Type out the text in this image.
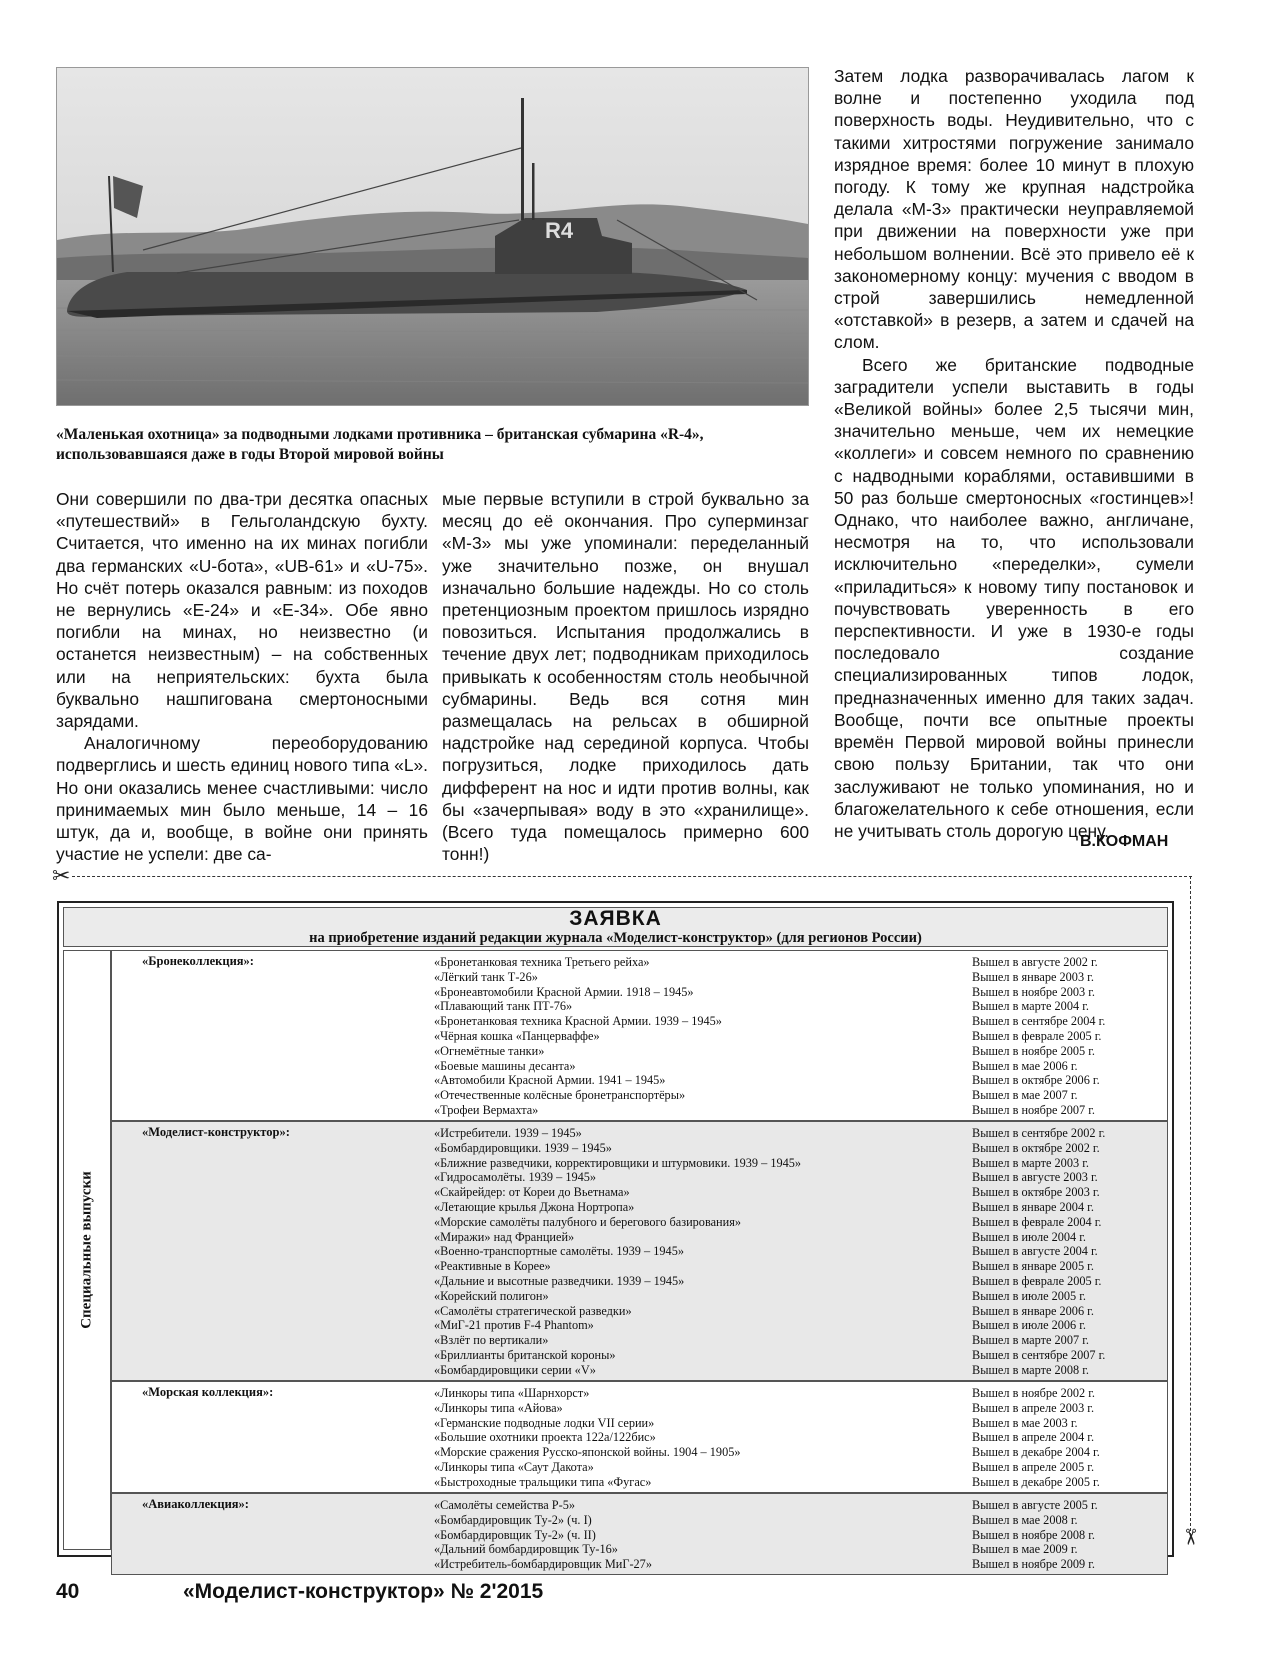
R4
«Маленькая охотница» за подводными лодками противника – британская субмарина «R-4», использовавшаяся даже в годы Второй мировой войны

Они совершили по два-три десятка опасных «путешествий» в Гельголандскую бухту. Считается, что именно на их минах погибли два германских «U-бота», «UB-61» и «U-75». Но счёт потерь оказался равным: из походов не вернулись «Е-24» и «Е-34». Обе явно погибли на минах, но неизвестно (и останется неизвестным) – на собственных или на неприятельских: бухта была буквально нашпигована смертоносными зарядами.

Аналогичному переоборудованию подверглись и шесть единиц нового типа «L». Но они оказались менее счастливыми: число принимаемых мин было меньше, 14 – 16 штук, да и, вообще, в войне они принять участие не успели: две са-

мые первые вступили в строй буквально за месяц до её окончания. Про суперминзаг «М-3» мы уже упоминали: переделанный уже значительно позже, он внушал изначально большие надежды. Но со столь претенциозным проектом пришлось изрядно повозиться. Испытания продолжались в течение двух лет; подводникам приходилось привыкать к особенностям столь необычной субмарины. Ведь вся сотня мин размещалась на рельсах в обширной надстройке над серединой корпуса. Чтобы погрузиться, лодке приходилось дать дифферент на нос и идти против волны, как бы «зачерпывая» воду в это «хранилище». (Всего туда помещалось примерно 600 тонн!)

Затем лодка разворачивалась лагом к волне и постепенно уходила под поверхность воды. Неудивительно, что с такими хитростями погружение занимало изрядное время: более 10 минут в плохую погоду. К тому же крупная надстройка делала «М-3» практически неуправляемой при движении на поверхности уже при небольшом волнении. Всё это привело её к закономерному концу: мучения с вводом в строй завершились немедленной «отставкой» в резерв, а затем и сдачей на слом.

Всего же британские подводные заградители успели выставить в годы «Великой войны» более 2,5 тысячи мин, значительно меньше, чем их немецкие «коллеги» и совсем немного по сравнению с надводными кораблями, оставившими в 50 раз больше смертоносных «гостинцев»! Однако, что наиболее важно, англичане, несмотря на то, что использовали исключительно «переделки», сумели «приладиться» к новому типу постановок и почувствовать уверенность в его перспективности. И уже в 1930-е годы последовало создание специализированных типов лодок, предназначенных именно для таких задач. Вообще, почти все опытные проекты времён Первой мировой войны принесли свою пользу Британии, так что они заслуживают не только упоминания, но и благожелательного к себе отношения, если не учитывать столь дорогую цену.

В.КОФМАН
✂
✂
ЗАЯВКА
на приобретение изданий редакции журнала «Моделист-конструктор» (для регионов России)
Специальные выпуски
«Бронеколлекция»:	«Бронетанковая техника Третьего рейха»	Вышел в августе 2002 г.
«Лёгкий танк Т-26»	Вышел в январе 2003 г.
«Бронеавтомобили Красной Армии. 1918 – 1945»	Вышел в ноябре 2003 г.
«Плавающий танк ПТ-76»	Вышел в марте 2004 г.
«Бронетанковая техника Красной Армии. 1939 – 1945»	Вышел в сентябре 2004 г.
«Чёрная кошка «Панцерваффе»	Вышел в феврале 2005 г.
«Огнемётные танки»	Вышел в ноябре 2005 г.
«Боевые машины десанта»	Вышел в мае 2006 г.
«Автомобили Красной Армии. 1941 – 1945»	Вышел в октябре 2006 г.
«Отечественные колёсные бронетранспортёры»	Вышел в мае 2007 г.
«Трофеи Вермахта»	Вышел в ноябре 2007 г.
«Моделист-конструктор»:	«Истребители. 1939 – 1945»	Вышел в сентябре 2002 г.
«Бомбардировщики. 1939 – 1945»	Вышел в октябре 2002 г.
«Ближние разведчики, корректировщики и штурмовики. 1939 – 1945»	Вышел в марте 2003 г.
«Гидросамолёты. 1939 – 1945»	Вышел в августе 2003 г.
«Скайрейдер: от Кореи до Вьетнама»	Вышел в октябре 2003 г.
«Летающие крылья Джона Нортропа»	Вышел в январе 2004 г.
«Морские самолёты палубного и берегового базирования»	Вышел в феврале 2004 г.
«Миражи» над Францией»	Вышел в июле 2004 г.
«Военно-транспортные самолёты. 1939 – 1945»	Вышел в августе 2004 г.
«Реактивные в Корее»	Вышел в январе 2005 г.
«Дальние и высотные разведчики. 1939 – 1945»	Вышел в феврале 2005 г.
«Корейский полигон»	Вышел в июле 2005 г.
«Самолёты стратегической разведки»	Вышел в январе 2006 г.
«МиГ-21 против F-4 Phantom»	Вышел в июле 2006 г.
«Взлёт по вертикали»	Вышел в марте 2007 г.
«Бриллианты британской короны»	Вышел в сентябре 2007 г.
«Бомбардировщики серии «V»	Вышел в марте 2008 г.
«Морская коллекция»:	«Линкоры типа «Шарнхорст»	Вышел в ноябре 2002 г.
«Линкоры типа «Айова»	Вышел в апреле 2003 г.
«Германские подводные лодки VII серии»	Вышел в мае 2003 г.
«Большие охотники проекта 122а/122бис»	Вышел в апреле 2004 г.
«Морские сражения Русско-японской войны. 1904 – 1905»	Вышел в декабре 2004 г.
«Линкоры типа «Саут Дакота»	Вышел в апреле 2005 г.
«Быстроходные тральщики типа «Фугас»	Вышел в декабре 2005 г.
«Авиаколлекция»:	«Самолёты семейства Р-5»	Вышел в августе 2005 г.
«Бомбардировщик Ту-2» (ч. I)	Вышел в мае 2008 г.
«Бомбардировщик Ту-2» (ч. II)	Вышел в ноябре 2008 г.
«Дальний бомбардировщик Ту-16»	Вышел в мае 2009 г.
«Истребитель-бомбардировщик МиГ-27»	Вышел в ноябре 2009 г.
40	«Моделист-конструктор» № 2'2015
